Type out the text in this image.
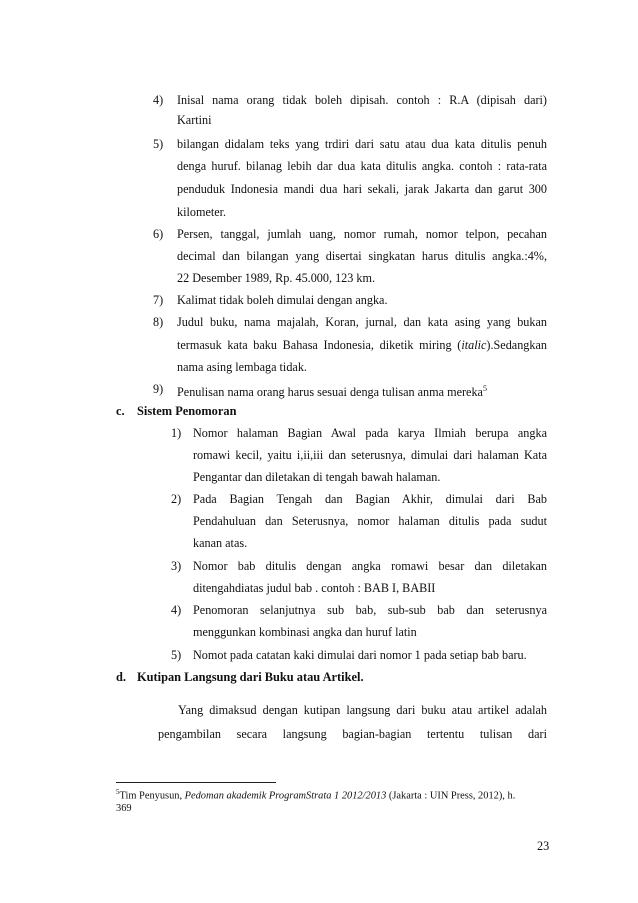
4) Inisal nama orang tidak boleh dipisah. contoh : R.A (dipisah dari)
Kartini
5) bilangan didalam teks yang trdiri dari satu atau dua kata ditulis penuh
denga huruf. bilanag lebih dar dua kata ditulis angka. contoh : rata-rata
penduduk Indonesia mandi dua hari sekali, jarak Jakarta dan garut 300
kilometer.
6) Persen, tanggal, jumlah uang, nomor rumah, nomor telpon, pecahan
decimal dan bilangan yang disertai singkatan harus ditulis angka.:4%,
22 Desember 1989, Rp. 45.000, 123 km.
7) Kalimat tidak boleh dimulai dengan angka.
8) Judul buku, nama majalah, Koran, jurnal, dan kata asing yang bukan
termasuk kata baku Bahasa Indonesia, diketik miring (italic).Sedangkan
nama asing lembaga tidak.
9) Penulisan nama orang harus sesuai denga tulisan anma mereka$^5$
c. Sistem Penomoran
1) Nomor halaman Bagian Awal pada karya Ilmiah berupa angka
romawi kecil, yaitu i,ii,iii dan seterusnya, dimulai dari halaman Kata
Pengantar dan diletakan di tengah bawah halaman.
2) Pada Bagian Tengah dan Bagian Akhir, dimulai dari Bab
Pendahuluan dan Seterusnya, nomor halaman ditulis pada sudut
kanan atas.
3) Nomor bab ditulis dengan angka romawi besar dan diletakan
ditengahdiatas judul bab . contoh : BAB I, BABII
4) Penomoran selanjutnya sub bab, sub-sub bab dan seterusnya
menggunkan kombinasi angka dan huruf latin
5) Nomot pada catatan kaki dimulai dari nomor 1 pada setiap bab baru.
d. Kutipan Langsung dari Buku atau Artikel.
Yang dimaksud dengan kutipan langsung dari buku atau artikel adalah
pengambilan secara langsung bagian-bagian tertentu tulisan dari
$^5$Tim Penyusun, Pedoman akademik ProgramStrata 1 2012/2013 (Jakarta : UIN Press, 2012), h.
369
23
